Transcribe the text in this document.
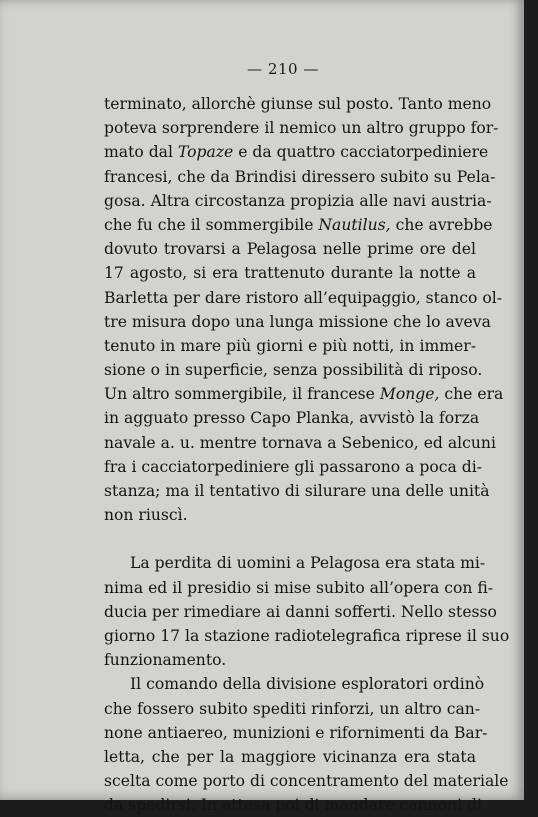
— 210 —
terminato, allorchè giunse sul posto. Tanto meno
poteva sorprendere il nemico un altro gruppo for-
mato dal Topaze e da quattro cacciatorpediniere
francesi, che da Brindisi diressero subito su Pela-
gosa. Altra circostanza propizia alle navi austria-
che fu che il sommergibile Nautilus, che avrebbe
dovuto trovarsi a Pelagosa nelle prime ore del
17 agosto, si era trattenuto durante la notte a
Barletta per dare ristoro all’equipaggio, stanco ol-
tre misura dopo una lunga missione che lo aveva
tenuto in mare più giorni e più notti, in immer-
sione o in superficie, senza possibilità di riposo.
Un altro sommergibile, il francese Monge, che era
in agguato presso Capo Planka, avvistò la forza
navale a. u. mentre tornava a Sebenico, ed alcuni
fra i cacciatorpediniere gli passarono a poca di-
stanza; ma il tentativo di silurare una delle unità
non riuscì.
La perdita di uomini a Pelagosa era stata mi-
nima ed il presidio si mise subito all’opera con fi-
ducia per rimediare ai danni sofferti. Nello stesso
giorno 17 la stazione radiotelegrafica riprese il suo
funzionamento.
Il comando della divisione esploratori ordinò
che fossero subito spediti rinforzi, un altro can-
none antiaereo, munizioni e rifornimenti da Bar-
letta, che per la maggiore vicinanza era stata
scelta come porto di concentramento del materiale
da spedirsi. In attesa poi di mandare cannoni di
